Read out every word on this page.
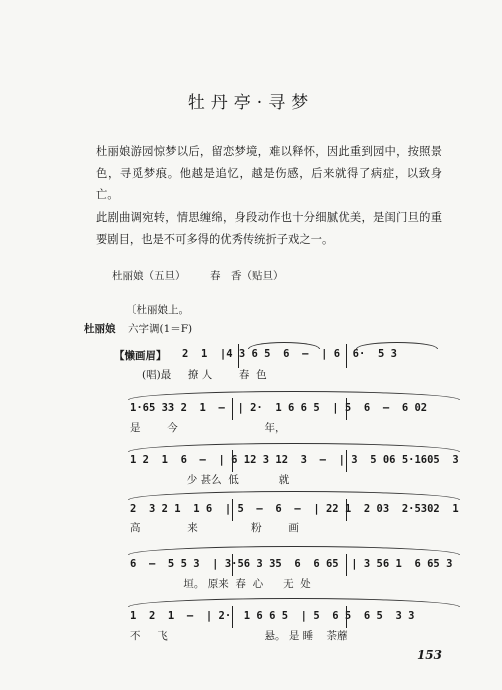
牡丹亭·寻梦
杜丽娘游园惊梦以后，留恋梦境，难以释怀，因此重到园中，按照景色，寻觅梦痕。他越是追忆，越是伤感，后来就得了病症，以致身亡。
此剧曲调宛转，情思缠绵，身段动作也十分细腻优美，是闺门旦的重要剧目，也是不可多得的优秀传统折子戏之一。
杜丽娘（五旦） 春　香（贴旦）
〔杜丽娘上。
杜丽娘 六字调(1＝F)
【懒画眉】 2  1  |4 3 6 5  6  –  | 6  6·  5 3
(唱)最     撩 人        春  色
1·65 33 2  1  –  | 2·  1 6 6 5  | 5  6  –  6 02
是        今                          年，
1 2  1  6  –  | 6 12 3 12  3  –  | 3  5 06 5·1605  3
少 甚么  低            就
2  3 2 1  1 6  | 5  –  6  –  | 22 1  2 03  2·5302  1
高              来                粉        画
6  –  5 5 3  | 3·56 3 35  6  6 65  | 3 56 1  6 65 3
垣。 原来  春  心      无  处
1  2  1  –  | 2·  1 6 6 5  | 5  6 5  6 5  3 3
不     飞                             悬。 是 睡    荼蘼
153
